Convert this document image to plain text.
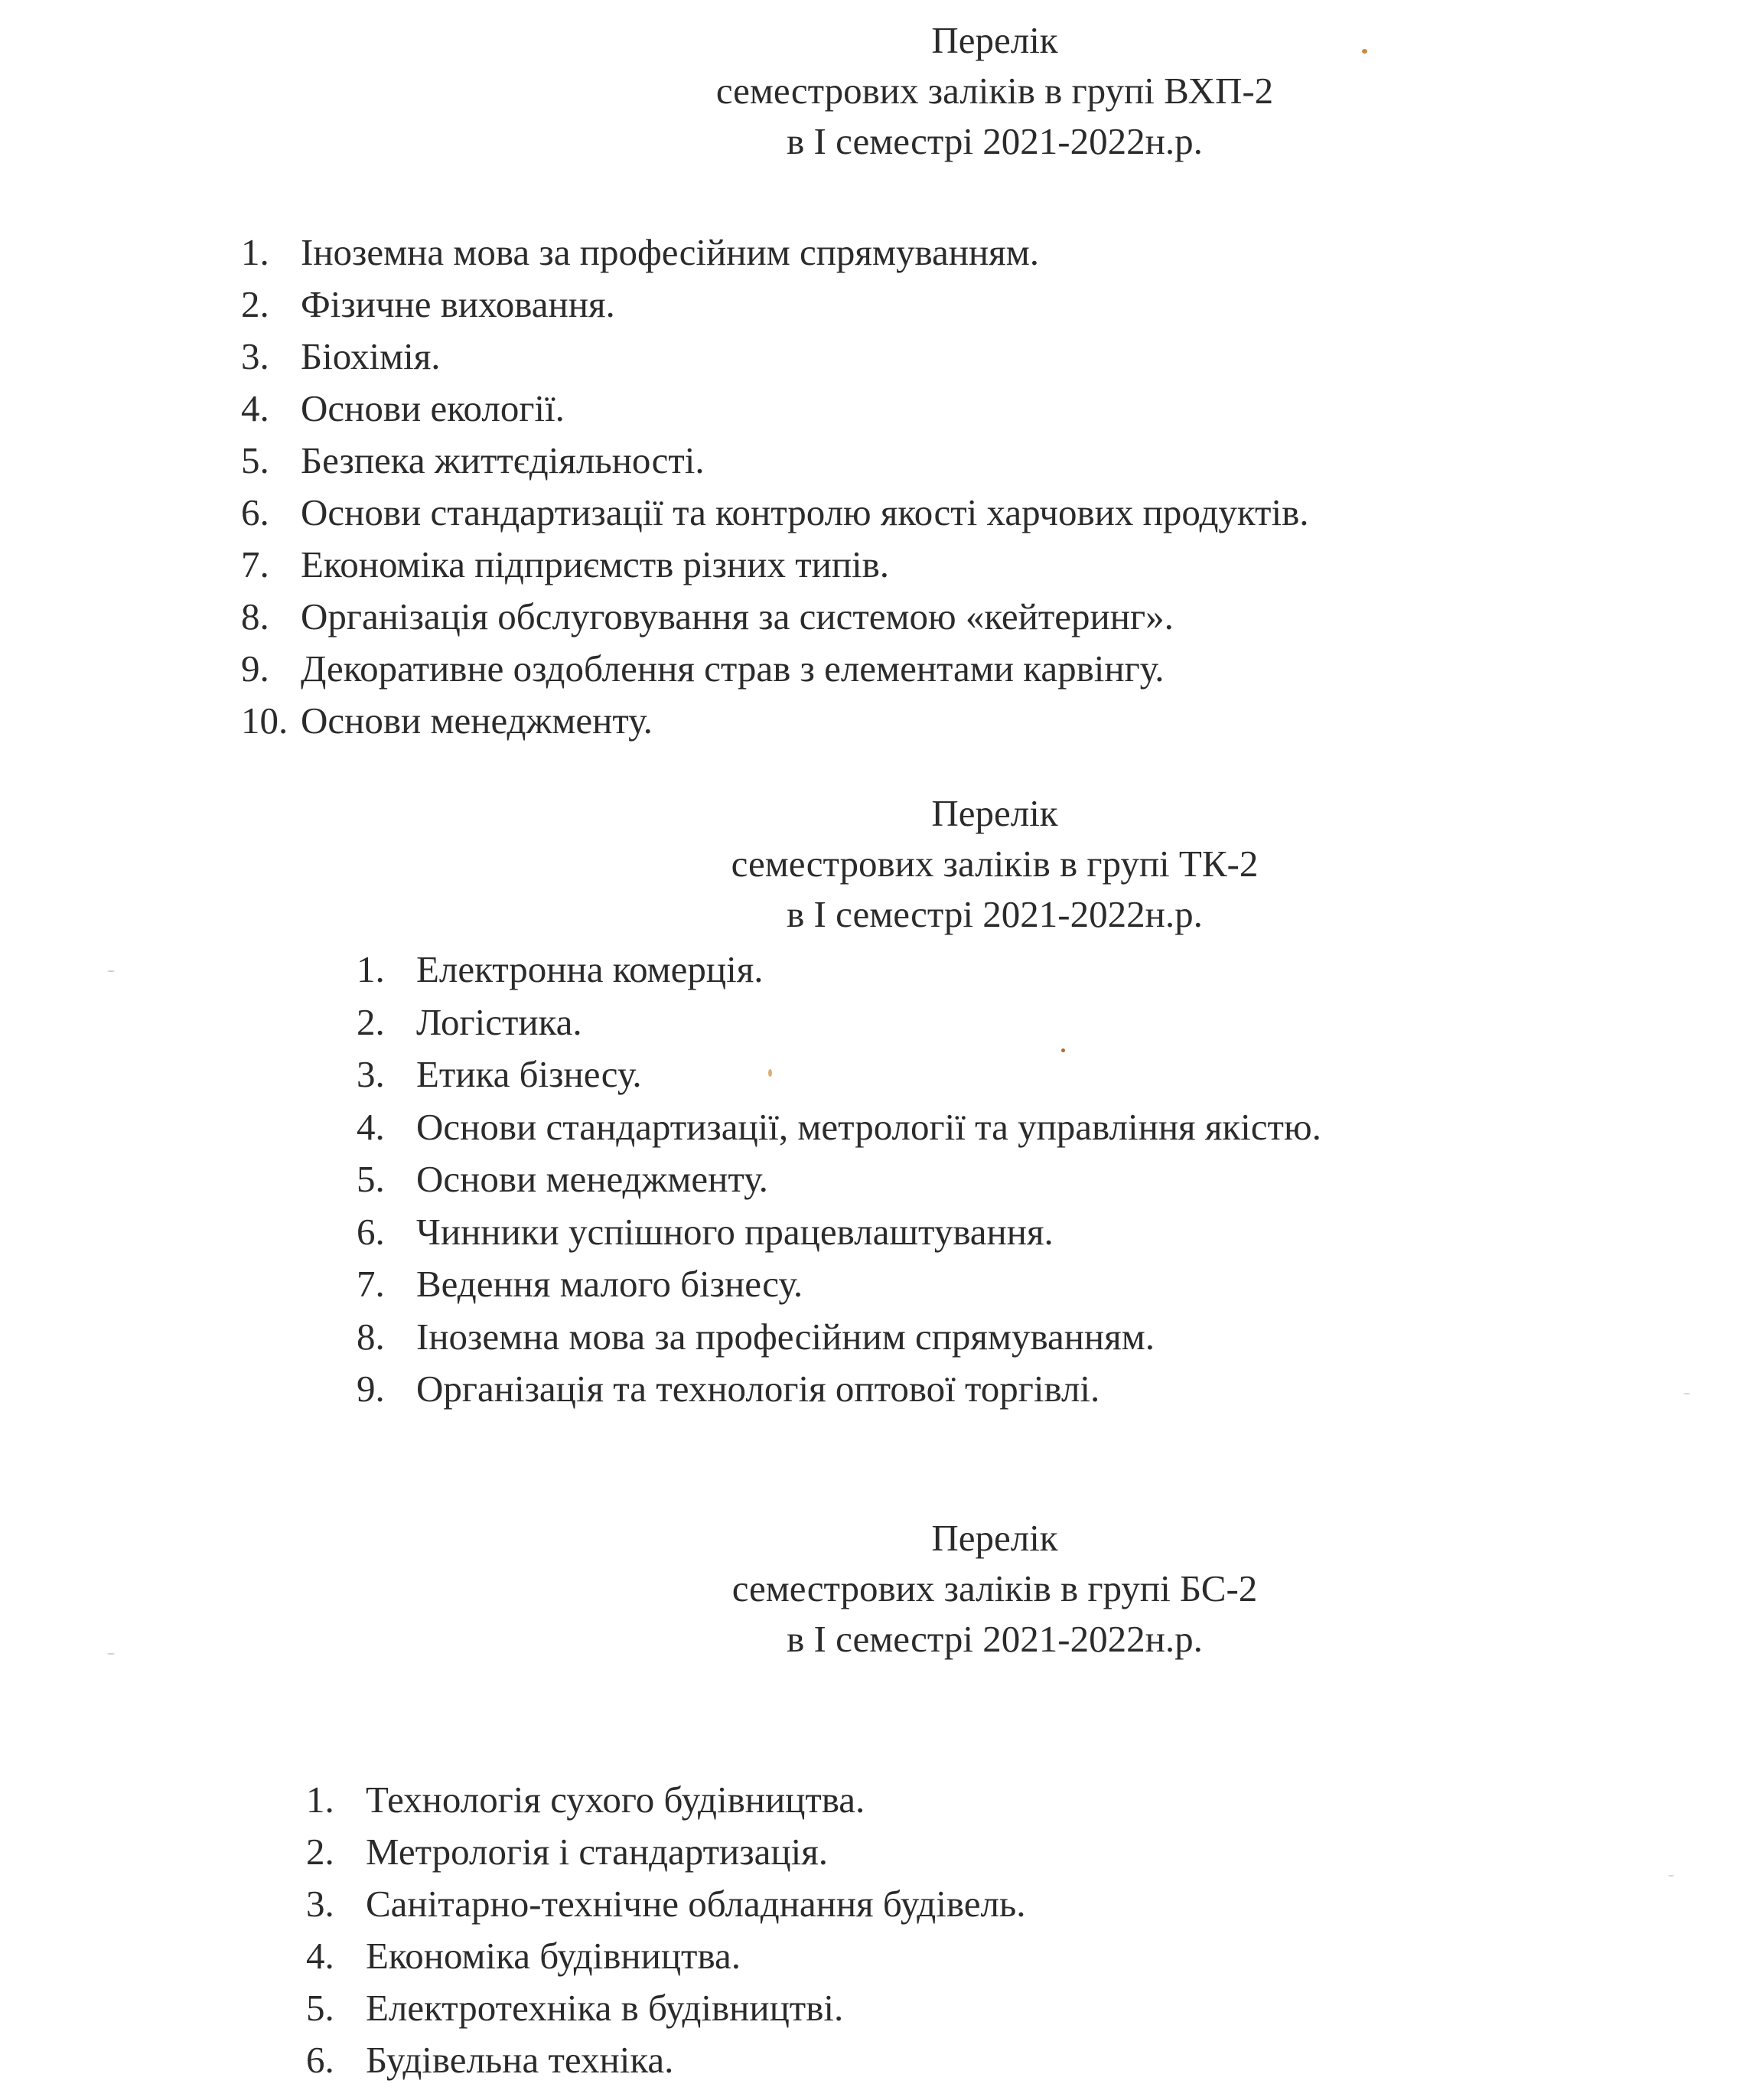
Перелік
семестрових заліків в групі ВХП-2
в I семестрі 2021-2022н.р.
1. Іноземна мова за професійним спрямуванням.
2. Фізичне виховання.
3. Біохімія.
4. Основи екології.
5. Безпека життєдіяльності.
6. Основи стандартизації та контролю якості харчових продуктів.
7. Економіка підприємств різних типів.
8. Організація обслуговування за системою «кейтеринг».
9. Декоративне оздоблення страв з елементами карвінгу.
10. Основи менеджменту.
Перелік
семестрових заліків в групі ТК-2
в I семестрі 2021-2022н.р.
1. Електронна комерція.
2. Логістика.
3. Етика бізнесу.
4. Основи стандартизації, метрології та управління якістю.
5. Основи менеджменту.
6. Чинники успішного працевлаштування.
7. Ведення малого бізнесу.
8. Іноземна мова за професійним спрямуванням.
9. Організація та технологія оптової торгівлі.
Перелік
семестрових заліків в групі БС-2
в I семестрі 2021-2022н.р.
1. Технологія сухого будівництва.
2. Метрологія і стандартизація.
3. Санітарно-технічне обладнання будівель.
4. Економіка будівництва.
5. Електротехніка в будівництві.
6. Будівельна техніка.
